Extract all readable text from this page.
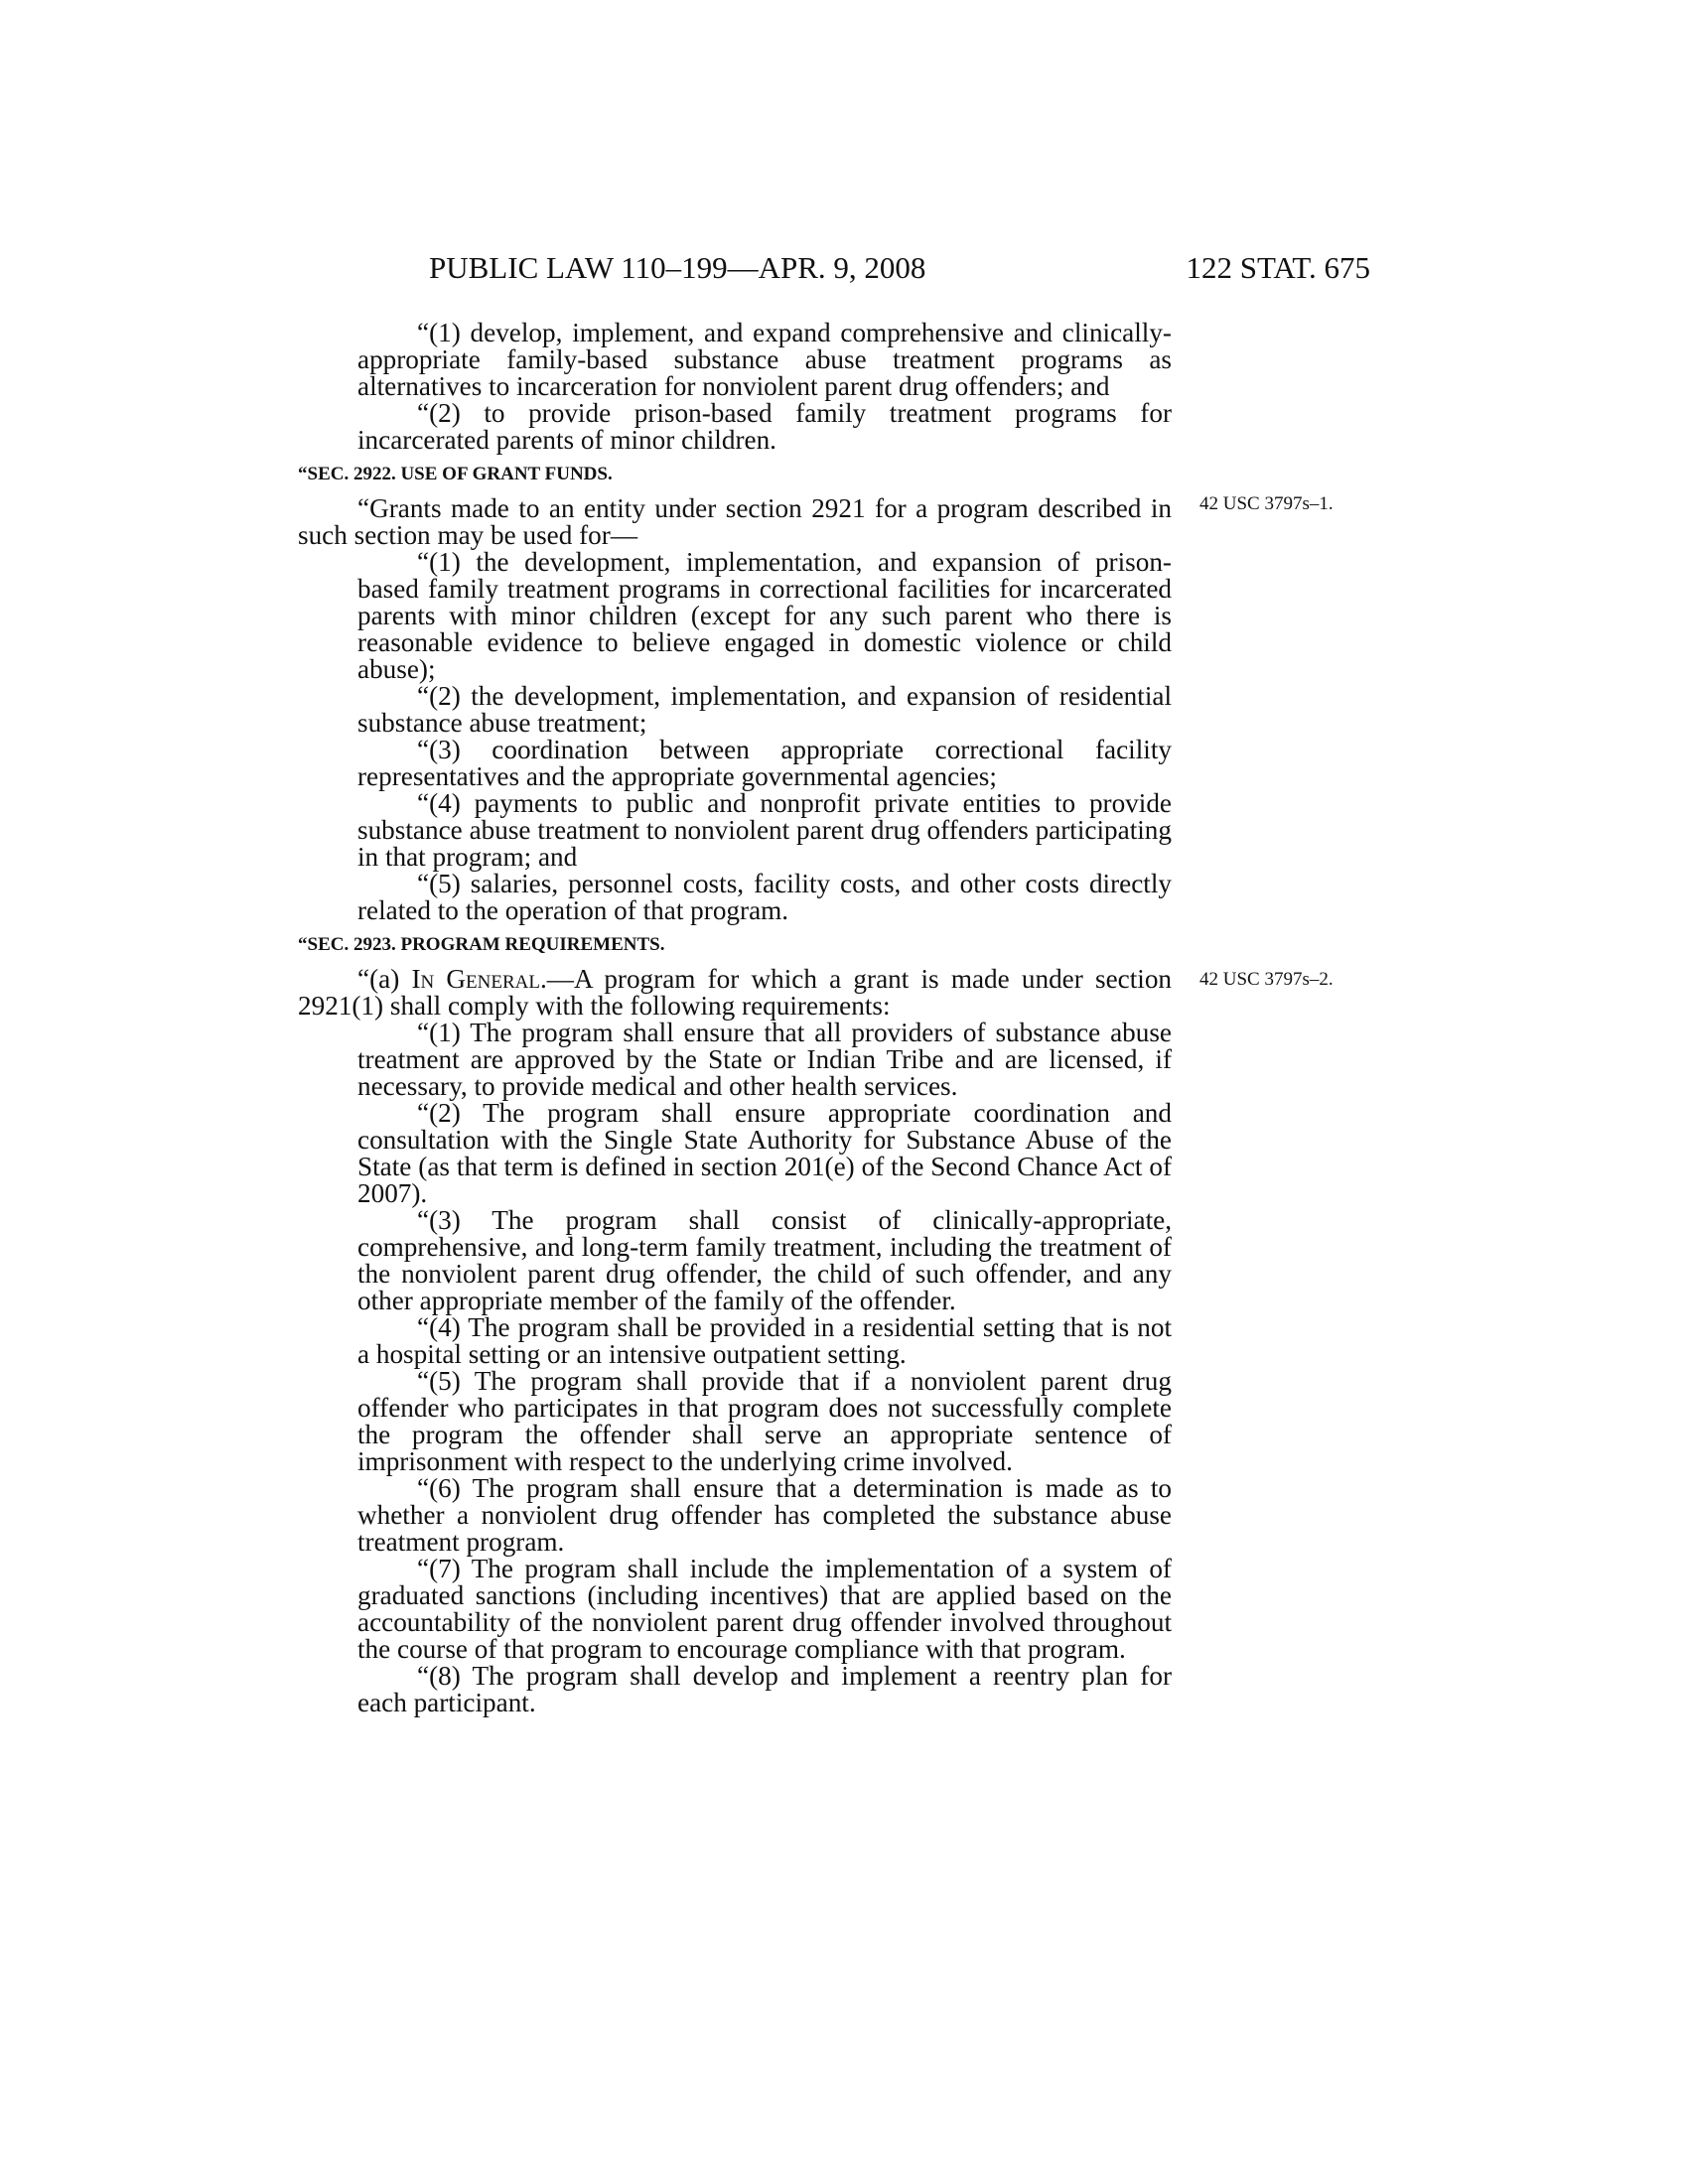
PUBLIC LAW 110–199—APR. 9, 2008	122 STAT. 675
42 USC 3797s–1.
42 USC 3797s–2.

“(1) develop, implement, and expand comprehensive and clinically-appropriate family-based substance abuse treatment programs as alternatives to incarceration for nonviolent parent drug offenders; and

“(2) to provide prison-based family treatment programs for incarcerated parents of minor children.

“SEC. 2922. USE OF GRANT FUNDS.

“Grants made to an entity under section 2921 for a program described in such section may be used for—

“(1) the development, implementation, and expansion of prison-based family treatment programs in correctional facilities for incarcerated parents with minor children (except for any such parent who there is reasonable evidence to believe engaged in domestic violence or child abuse);

“(2) the development, implementation, and expansion of residential substance abuse treatment;

“(3) coordination between appropriate correctional facility representatives and the appropriate governmental agencies;

“(4) payments to public and nonprofit private entities to provide substance abuse treatment to nonviolent parent drug offenders participating in that program; and

“(5) salaries, personnel costs, facility costs, and other costs directly related to the operation of that program.

“SEC. 2923. PROGRAM REQUIREMENTS.

“(a) In General.—A program for which a grant is made under section 2921(1) shall comply with the following requirements:

“(1) The program shall ensure that all providers of substance abuse treatment are approved by the State or Indian Tribe and are licensed, if necessary, to provide medical and other health services.

“(2) The program shall ensure appropriate coordination and consultation with the Single State Authority for Substance Abuse of the State (as that term is defined in section 201(e) of the Second Chance Act of 2007).

“(3) The program shall consist of clinically-appropriate, comprehensive, and long-term family treatment, including the treatment of the nonviolent parent drug offender, the child of such offender, and any other appropriate member of the family of the offender.

“(4) The program shall be provided in a residential setting that is not a hospital setting or an intensive outpatient setting.

“(5) The program shall provide that if a nonviolent parent drug offender who participates in that program does not successfully complete the program the offender shall serve an appropriate sentence of imprisonment with respect to the underlying crime involved.

“(6) The program shall ensure that a determination is made as to whether a nonviolent drug offender has completed the substance abuse treatment program.

“(7) The program shall include the implementation of a system of graduated sanctions (including incentives) that are applied based on the accountability of the nonviolent parent drug offender involved throughout the course of that program to encourage compliance with that program.

“(8) The program shall develop and implement a reentry plan for each participant.
